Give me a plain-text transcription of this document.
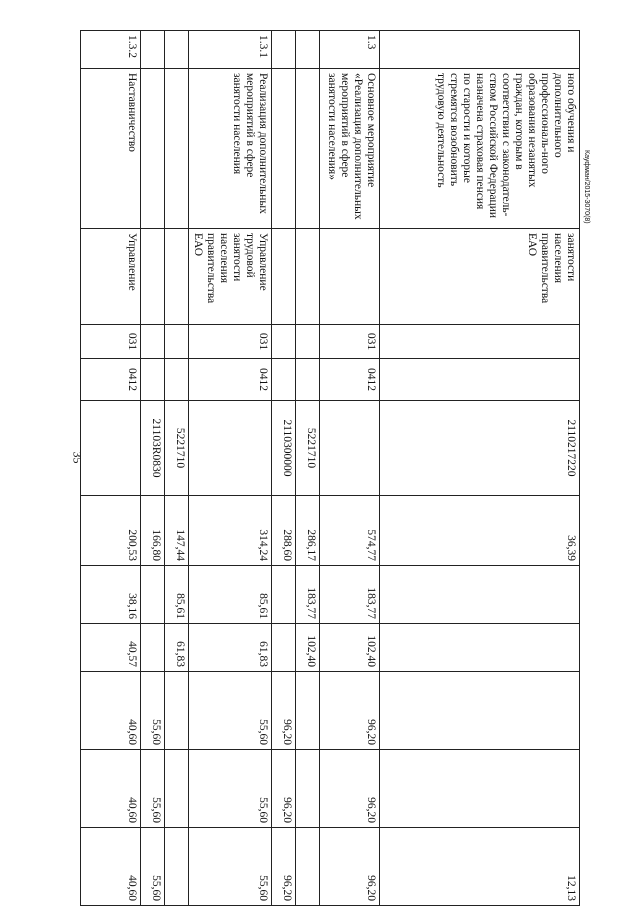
35
Кауфман/2015-3070(8)
	ного обучения и дополнительного профессиональ-ного образования незанятых граждан, которым в соответствии с законодатель-ством Российской Федерации назначена страховая пенсия по старости и которые стремятся возобновить трудовую деятельность	занятости населения правительства ЕАО			2110217220	36,39					12,13
1.3	Основное мероприятие «Реализация дополнительных мероприятий в сфере занятости населения»		031	0412		574,77	183,77	102,40	96,20	96,20	96,20
					5221710	286,17	183,77	102,40			
					2110300000	288,60			96,20	96,20	96,20
1.3.1	Реализация дополнительных мероприятий в сфере занятости населения	Управление трудовой занятости населения правительства ЕАО	031	0412		314,24	85,61	61,83	55,60	55,60	55,60
					5221710	147,44	85,61	61,83			
					21103R0830	166,80			55,60	55,60	55,60
1.3.2	Наставничество	Управление	031	0412		200,53	38,16	40,57	40,60	40,60	40,60
